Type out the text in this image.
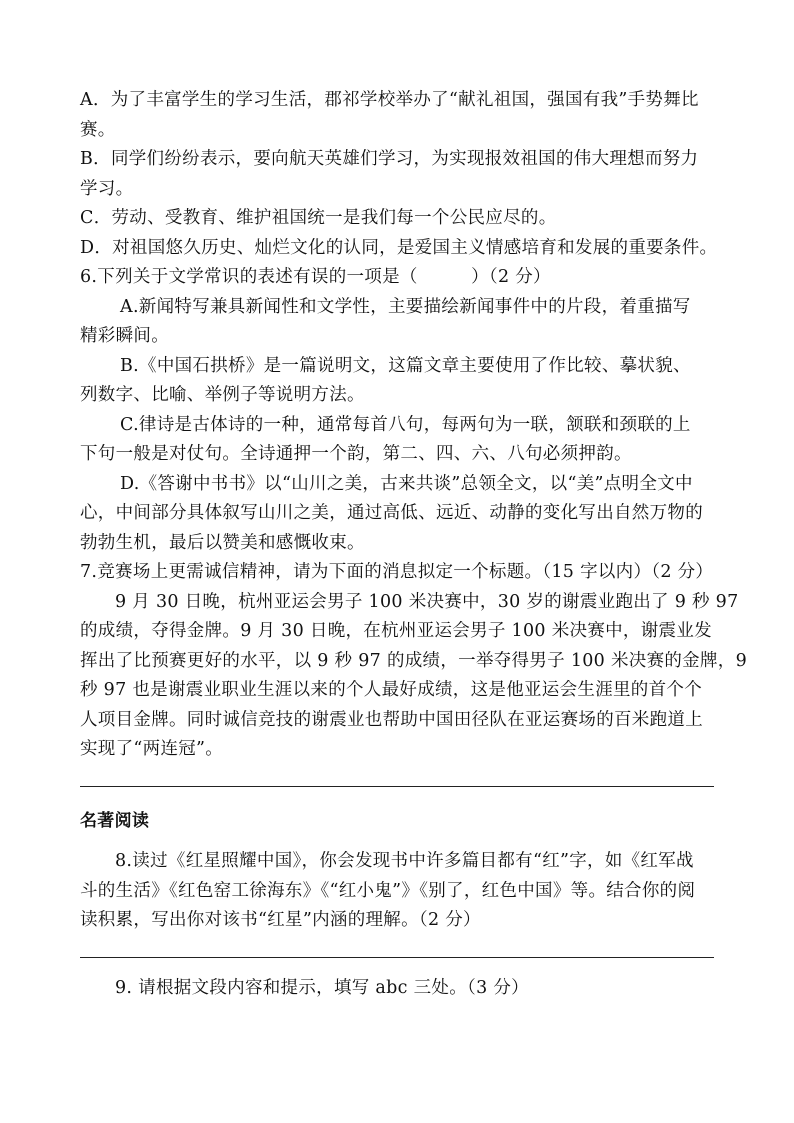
A．为了丰富学生的学习生活，郡祁学校举办了“献礼祖国，强国有我”手势舞比
赛。
B．同学们纷纷表示，要向航天英雄们学习，为实现报效祖国的伟大理想而努力
学习。
C．劳动、受教育、维护祖国统一是我们每一个公民应尽的。
D．对祖国悠久历史、灿烂文化的认同，是爱国主义情感培育和发展的重要条件。
6.下列关于文学常识的表述有误的一项是（　　　）（2 分）
A.新闻特写兼具新闻性和文学性，主要描绘新闻事件中的片段，着重描写
精彩瞬间。
B.《中国石拱桥》是一篇说明文，这篇文章主要使用了作比较、摹状貌、
列数字、比喻、举例子等说明方法。
C.律诗是古体诗的一种，通常每首八句，每两句为一联，颔联和颈联的上
下句一般是对仗句。全诗通押一个韵，第二、四、六、八句必须押韵。
D.《答谢中书书》以“山川之美，古来共谈”总领全文，以“美”点明全文中
心，中间部分具体叙写山川之美，通过高低、远近、动静的变化写出自然万物的
勃勃生机，最后以赞美和感慨收束。
7.竞赛场上更需诚信精神，请为下面的消息拟定一个标题。（15 字以内）（2 分）
9 月 30 日晚，杭州亚运会男子 100 米决赛中，30 岁的谢震业跑出了 9 秒 97
的成绩，夺得金牌。9 月 30 日晚，在杭州亚运会男子 100 米决赛中，谢震业发
挥出了比预赛更好的水平，以 9 秒 97 的成绩，一举夺得男子 100 米决赛的金牌，9
秒 97 也是谢震业职业生涯以来的个人最好成绩，这是他亚运会生涯里的首个个
人项目金牌。同时诚信竞技的谢震业也帮助中国田径队在亚运赛场的百米跑道上
实现了“两连冠”。
名著阅读
8.读过《红星照耀中国》，你会发现书中许多篇目都有“红”字，如《红军战
斗的生活》《红色窑工徐海东》《“红小鬼”》《别了，红色中国》等。结合你的阅
读积累，写出你对该书“红星”内涵的理解。（2 分）
9. 请根据文段内容和提示，填写 abc 三处。（3 分）
